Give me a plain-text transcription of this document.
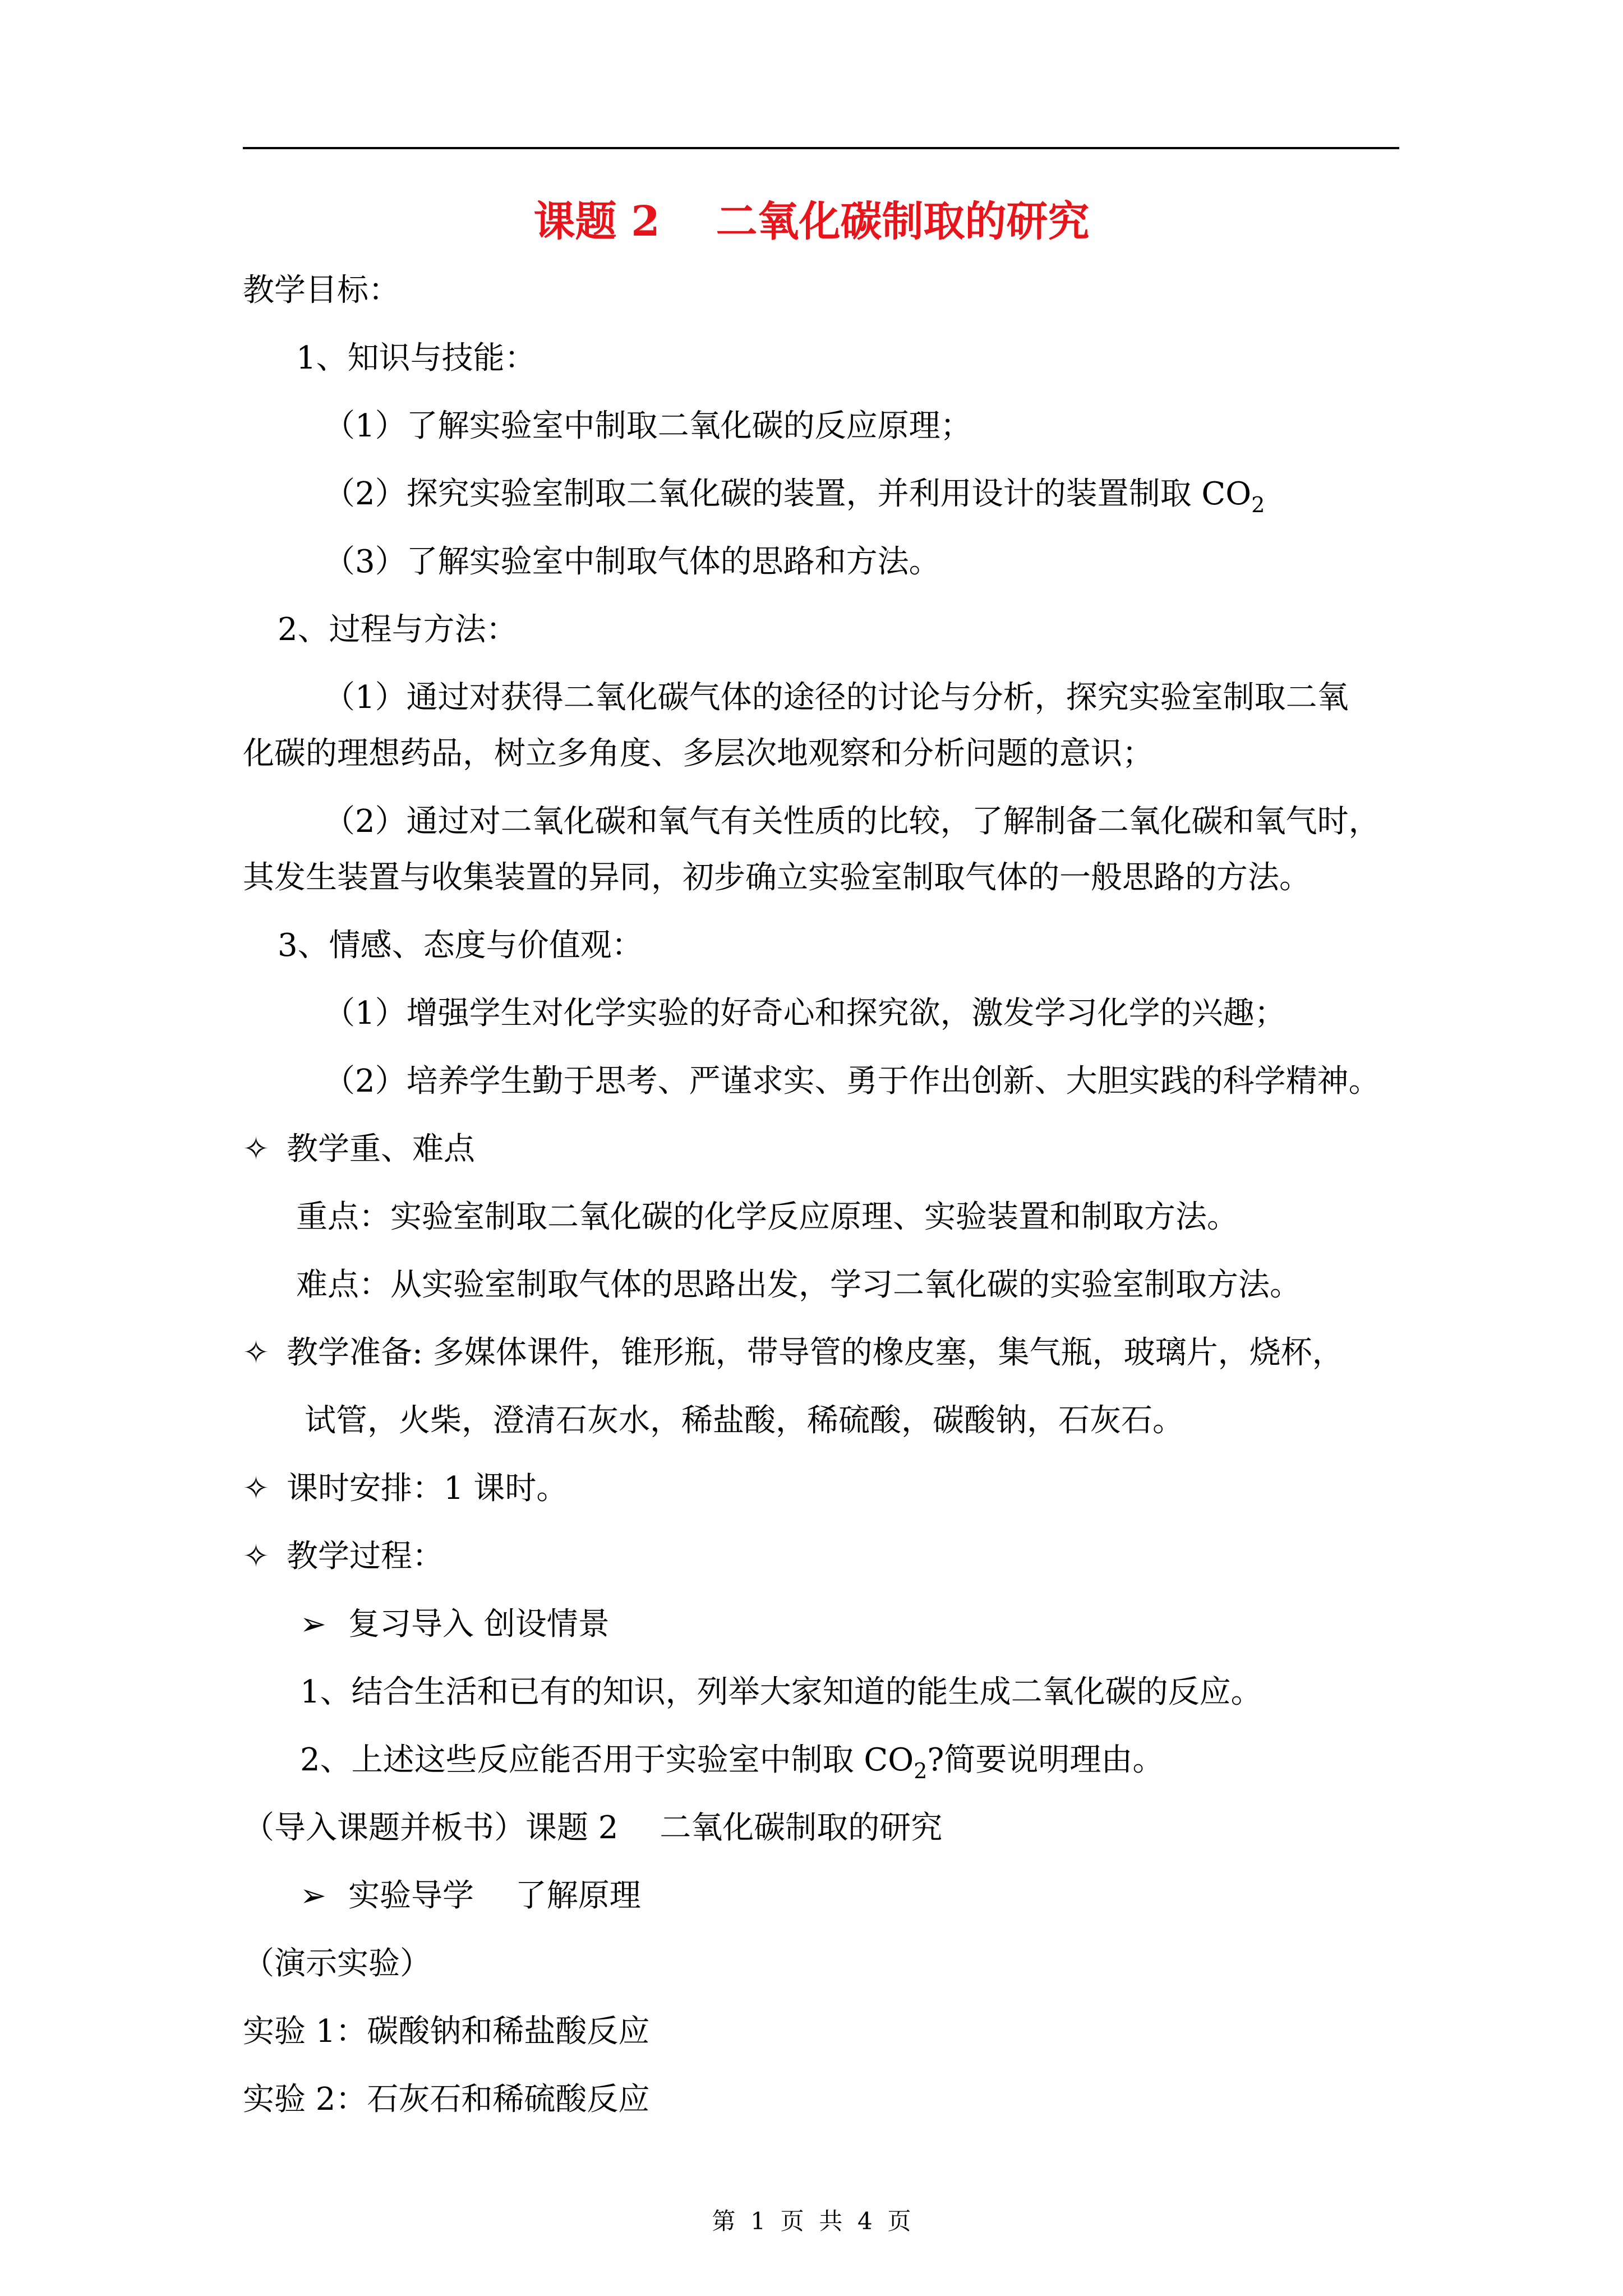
课题 2　 二氧化碳制取的研究
教学目标：
1、知识与技能：
（1）了解实验室中制取二氧化碳的反应原理；
（2）探究实验室制取二氧化碳的装置，并利用设计的装置制取 $CO_2$
（3）了解实验室中制取气体的思路和方法。
2、过程与方法：
（1）通过对获得二氧化碳气体的途径的讨论与分析，探究实验室制取二氧
化碳的理想药品，树立多角度、多层次地观察和分析问题的意识；
（2）通过对二氧化碳和氧气有关性质的比较，了解制备二氧化碳和氧气时，
其发生装置与收集装置的异同，初步确立实验室制取气体的一般思路的方法。
3、情感、态度与价值观：
（1）增强学生对化学实验的好奇心和探究欲，激发学习化学的兴趣；
（2）培养学生勤于思考、严谨求实、勇于作出创新、大胆实践的科学精神。
✧ 教学重、难点
重点：实验室制取二氧化碳的化学反应原理、实验装置和制取方法。
难点：从实验室制取气体的思路出发，学习二氧化碳的实验室制取方法。
✧ 教学准备: 多媒体课件，锥形瓶，带导管的橡皮塞，集气瓶，玻璃片，烧杯，
试管，火柴，澄清石灰水，稀盐酸，稀硫酸，碳酸钠，石灰石。
✧ 课时安排：1 课时。
✧ 教学过程：
➢ 复习导入 创设情景
1、结合生活和已有的知识，列举大家知道的能生成二氧化碳的反应。
2、上述这些反应能否用于实验室中制取 $CO_2$?简要说明理由。
（导入课题并板书）课题 2　 二氧化碳制取的研究
➢ 实验导学　 了解原理
（演示实验）
实验 1：碳酸钠和稀盐酸反应
实验 2：石灰石和稀硫酸反应
第  1  页  共  4  页
